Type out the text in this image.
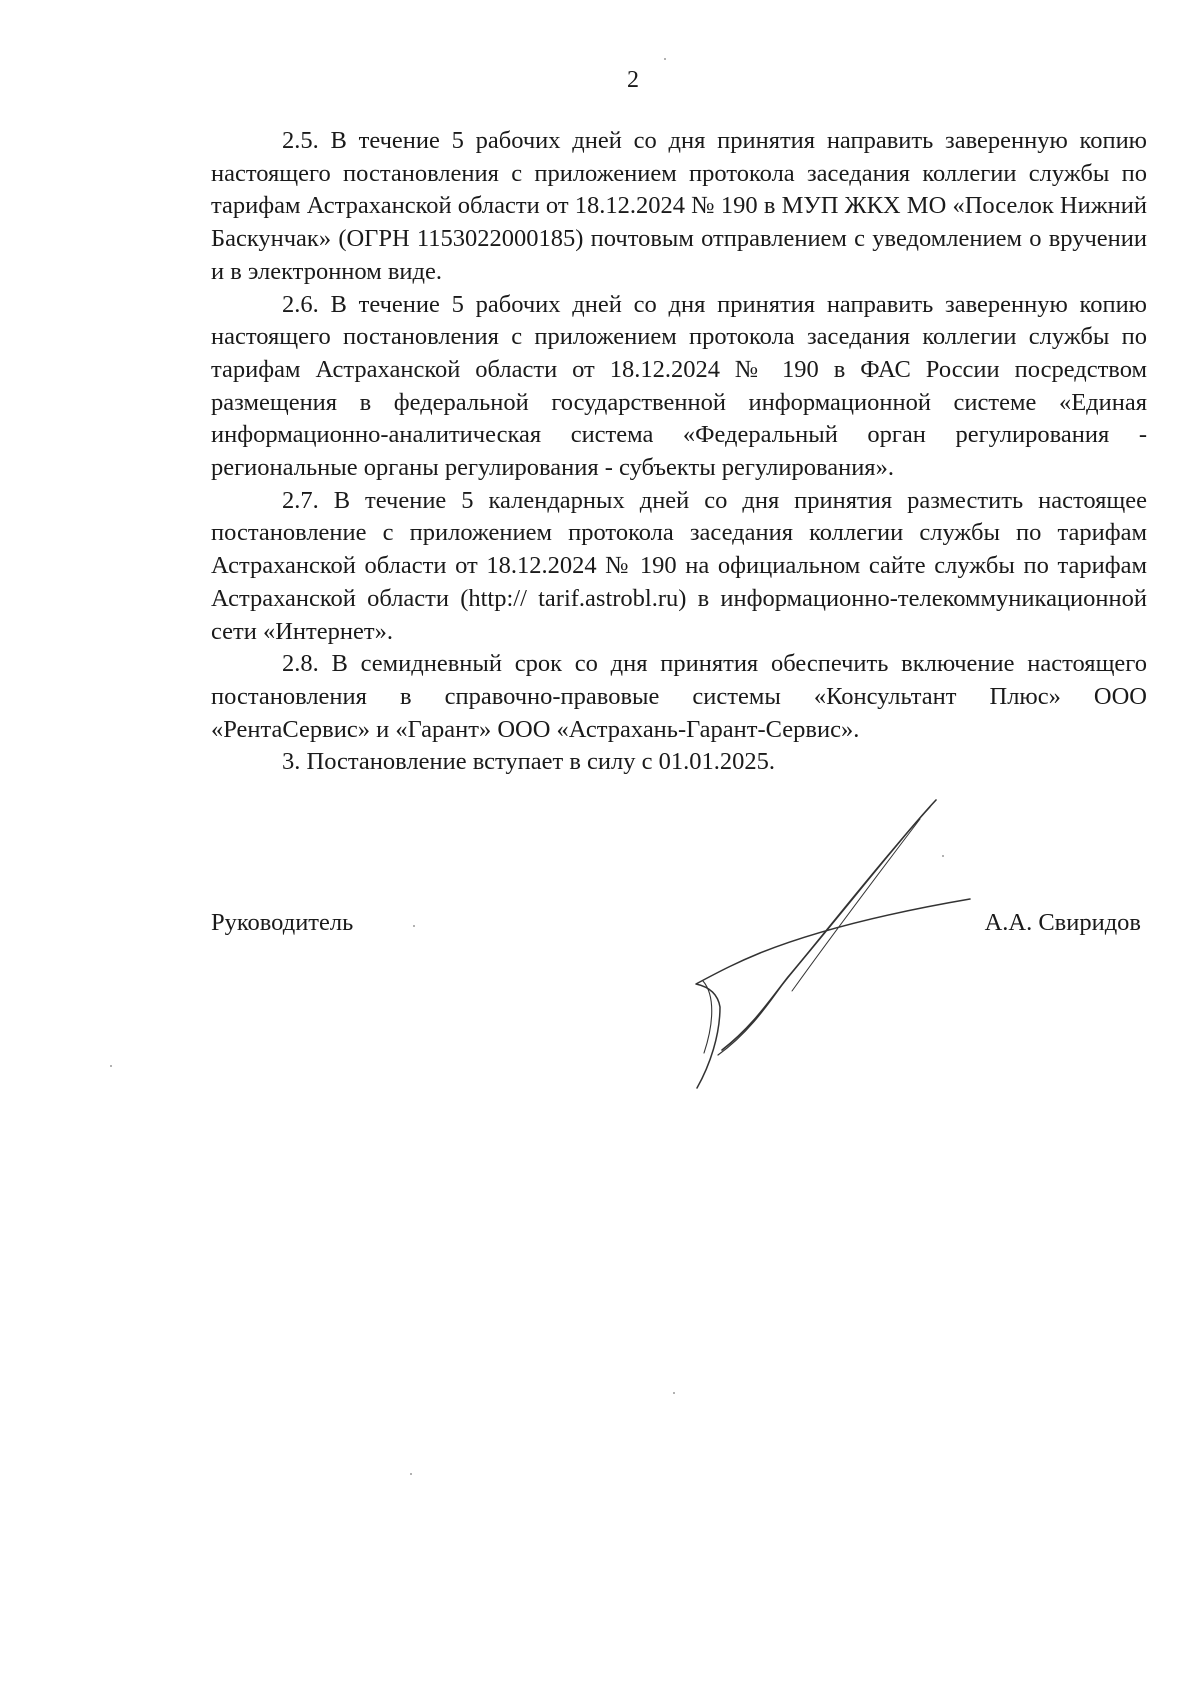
2

2.5. В течение 5 рабочих дней со дня принятия направить заверенную копию настоящего постановления с приложением протокола заседания коллегии службы по тарифам Астраханской области от 18.12.2024 № 190 в МУП ЖКХ МО «Поселок Нижний Баскунчак» (ОГРН 1153022000185) почтовым отправлением с уведомлением о вручении и в электронном виде.

2.6. В течение 5 рабочих дней со дня принятия направить заверенную копию настоящего постановления с приложением протокола заседания коллегии службы по тарифам Астраханской области от 18.12.2024 № 190 в ФАС России посредством размещения в федеральной государственной информационной системе «Единая информационно-аналитическая система «Федеральный орган регулирования - региональные органы регулирования - субъекты регулирования».

2.7. В течение 5 календарных дней со дня принятия разместить настоящее постановление с приложением протокола заседания коллегии службы по тарифам Астраханской области от 18.12.2024 № 190 на официальном сайте службы по тарифам Астраханской области (http:// tarif.astrobl.ru) в информационно-телекоммуникационной сети «Интернет».

2.8. В семидневный срок со дня принятия обеспечить включение настоящего постановления в справочно-правовые системы «Консультант Плюс» ООО «РентаСервис» и «Гарант» ООО «Астрахань-Гарант-Сервис».

3. Постановление вступает в силу с 01.01.2025.

Руководитель	А.А. Свиридов
